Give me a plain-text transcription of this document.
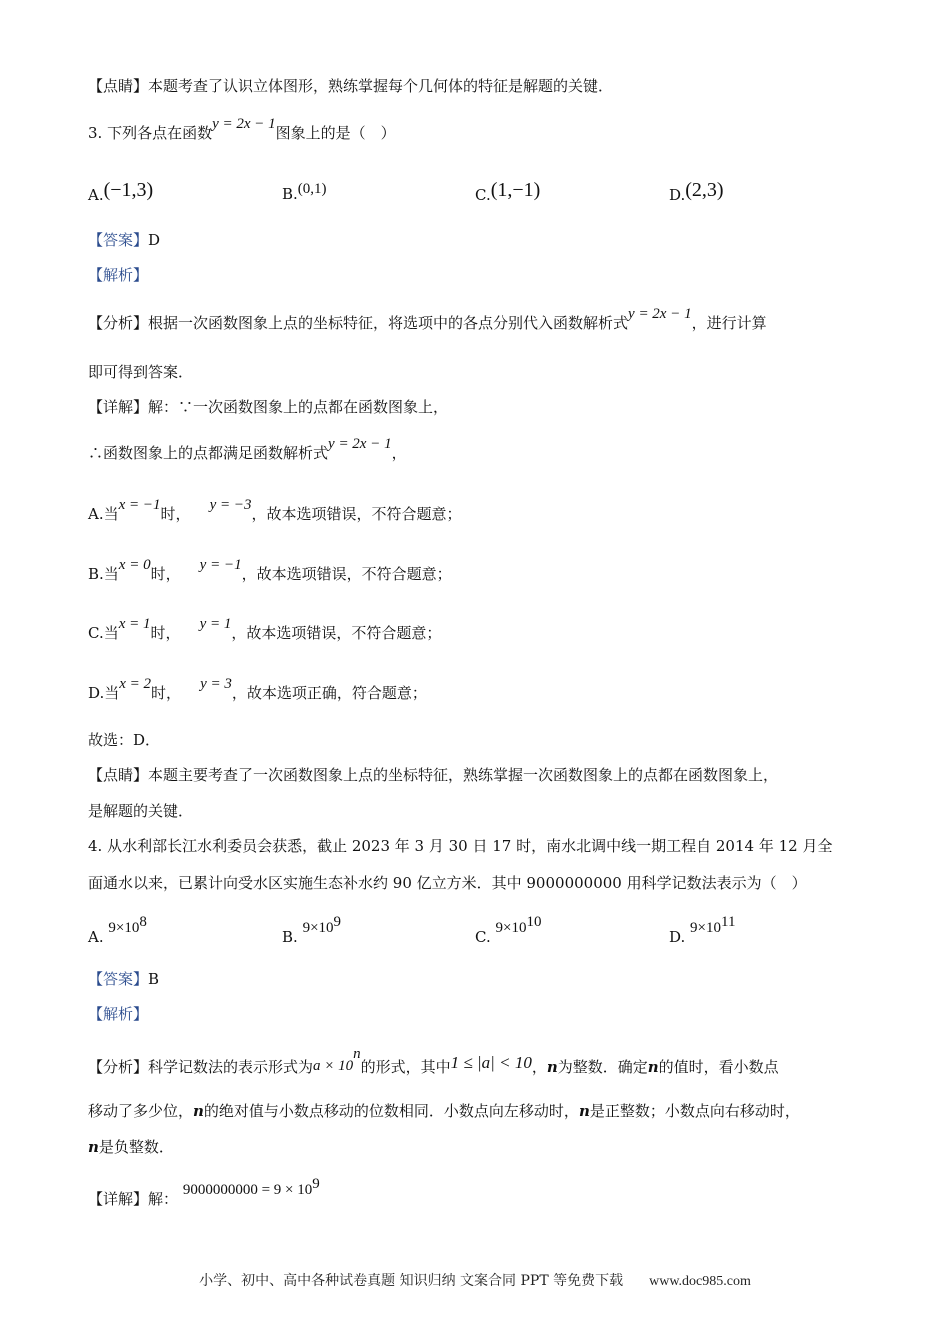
【点睛】本题考查了认识立体图形，熟练掌握每个几何体的特征是解题的关键．
3. 下列各点在函数y = 2x − 1图象上的是（　）
A.(−1,3)	B.(0,1)	C.(1,−1)	D.(2,3)
【答案】D
【解析】
【分析】根据一次函数图象上点的坐标特征，将选项中的各点分别代入函数解析式y = 2x − 1，进行计算
即可得到答案．
【详解】解：∵一次函数图象上的点都在函数图象上，
∴函数图象上的点都满足函数解析式y = 2x − 1，
A.当x = −1时， y = −3，故本选项错误，不符合题意；
B.当x = 0时， y = −1，故本选项错误，不符合题意；
C.当x = 1时， y = 1，故本选项错误，不符合题意；
D.当x = 2时， y = 3，故本选项正确，符合题意；
故选：D．
【点睛】本题主要考查了一次函数图象上点的坐标特征，熟练掌握一次函数图象上的点都在函数图象上，
是解题的关键．
4. 从水利部长江水利委员会获悉，截止 2023 年 3 月 30 日 17 时，南水北调中线一期工程自 2014 年 12 月全
面通水以来，已累计向受水区实施生态补水约 90 亿立方米．其中 9000000000 用科学记数法表示为（　）
A. $9\times 10^8$
B. $9\times 10^9$
C. $9\times 10^{10}$
D. $9\times 10^{11}$
【答案】B
【解析】
【分析】科学记数法的表示形式为$a \times 10^n$的形式，其中1 ≤ |a| < 10，n为整数．确定n的值时，看小数点
移动了多少位，n的绝对值与小数点移动的位数相同．小数点向左移动时，n是正整数；小数点向右移动时，
n是负整数．
【详解】解： $9000000000 = 9 \times 10^9$
小学、初中、高中各种试卷真题 知识归纳 文案合同 PPT 等免费下载 www.doc985.com
